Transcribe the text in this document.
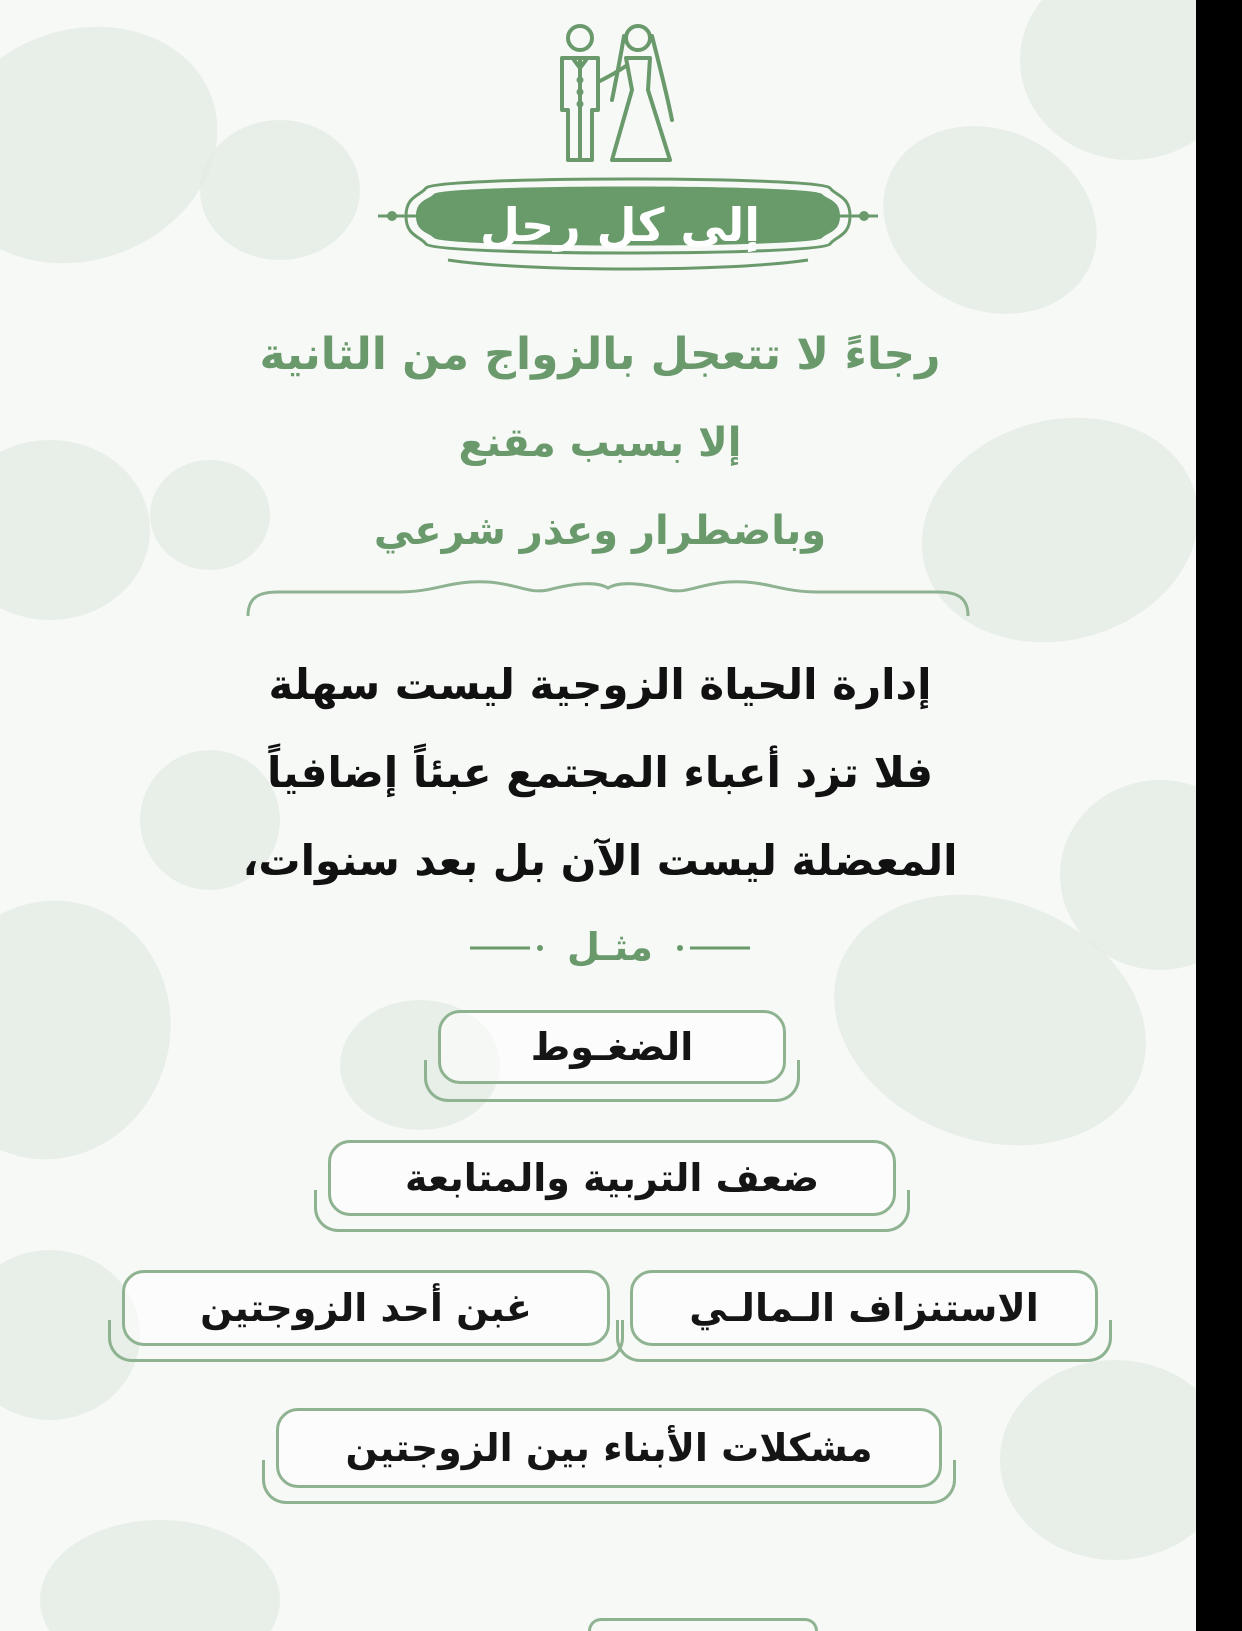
إلى كل رجل
رجاءً لا تتعجل بالزواج من الثانية
إلا بسبب مقنع
وباضطرار وعذر شرعي
إدارة الحياة الزوجية ليست سهلة
فلا تزد أعباء المجتمع عبئاً إضافياً
المعضلة ليست الآن بل بعد سنوات،
مثـل
الضغـوط
ضعف التربية والمتابعة
الاستنزاف الـمالـي
غبن أحد الزوجتين
مشكلات الأبناء بين الزوجتين
